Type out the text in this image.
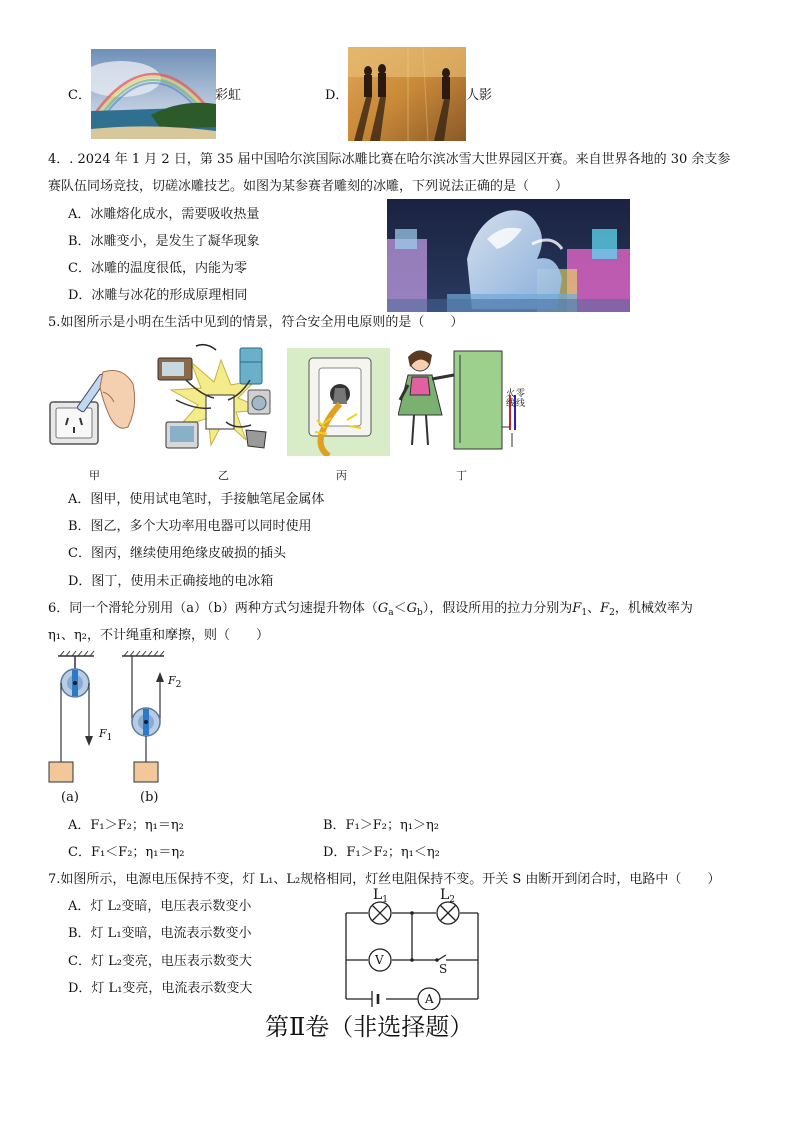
C．	彩虹	D．	人影
4．. 2024 年 1 月 2 日，第 35 届中国哈尔滨国际冰雕比赛在哈尔滨冰雪大世界园区开赛。来自世界各地的 30 余支参
赛队伍同场竞技，切磋冰雕技艺。如图为某参赛者雕刻的冰雕，下列说法正确的是（　　）
A．冰雕熔化成水，需要吸收热量
B．冰雕变小，是发生了凝华现象
C．冰雕的温度很低，内能为零
D．冰雕与冰花的形成原理相同
5.如图所示是小明在生活中见到的情景，符合安全用电原则的是（　　）
甲	乙	丙
火 零
线 线
丁
A．图甲，使用试电笔时，手接触笔尾金属体
B．图乙，多个大功率用电器可以同时使用
C．图丙，继续使用绝缘皮破损的插头
D．图丁，使用未正确接地的电冰箱
6．同一个滑轮分别用（a）（b）两种方式匀速提升物体$(G_a<G_b)$，假设所用的拉力分别为$F_1$、$F_2$，机械效率为
η₁、η₂，不计绳重和摩擦，则（　　）
$F_1$
$F_2$
(a)	(b)
A．F₁＞F₂；η₁＝η₂	B．F₁＞F₂；η₁＞η₂
C．F₁＜F₂；η₁＝η₂	D．F₁＞F₂；η₁＜η₂
7.如图所示，电源电压保持不变，灯 L₁、L₂规格相同，灯丝电阻保持不变。开关 S 由断开到闭合时，电路中（　　）
A．灯 L₂变暗，电压表示数变小
B．灯 L₁变暗，电流表示数变小
C．灯 L₂变亮，电压表示数变大
D．灯 L₁变亮，电流表示数变大
$L_1$	$L_2$
V
A
S
第Ⅱ卷（非选择题）
